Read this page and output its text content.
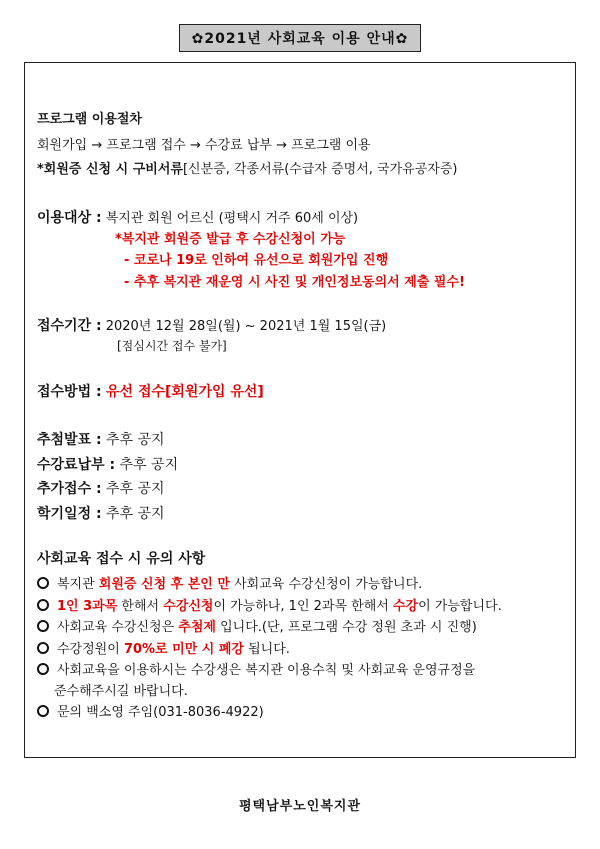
✿2021년 사회교육 이용 안내✿
프로그램 이용절차
회원가입 → 프로그램 접수 → 수강료 납부 → 프로그램 이용
*회원증 신청 시 구비서류[신분증, 각종서류(수급자 증명서, 국가유공자증)
이용대상 : 복지관 회원 어르신 (평택시 거주 60세 이상)
*복지관 회원증 발급 후 수강신청이 가능
- 코로나 19로 인하여 유선으로 회원가입 진행
- 추후 복지관 재운영 시 사진 및 개인정보동의서 제출 필수!
접수기간 : 2020년 12월 28일(월) ~ 2021년 1월 15일(금)
[점심시간 접수 불가]
접수방법 : 유선 접수[회원가입 유선]
추첨발표 : 추후 공지
수강료납부 : 추후 공지
추가접수 : 추후 공지
학기일정 : 추후 공지
사회교육 접수 시 유의 사항
복지관 회원증 신청 후 본인 만 사회교육 수강신청이 가능합니다.
1인 3과목 한해서 수강신청이 가능하나, 1인 2과목 한해서 수강이 가능합니다.
사회교육 수강신청은 추첨제 입니다.(단, 프로그램 수강 정원 초과 시 진행)
수강정원이 70%로 미만 시 폐강 됩니다.
사회교육을 이용하시는 수강생은 복지관 이용수칙 및 사회교육 운영규정을
준수해주시길 바랍니다.
문의 백소영 주임(031-8036-4922)
평택남부노인복지관
